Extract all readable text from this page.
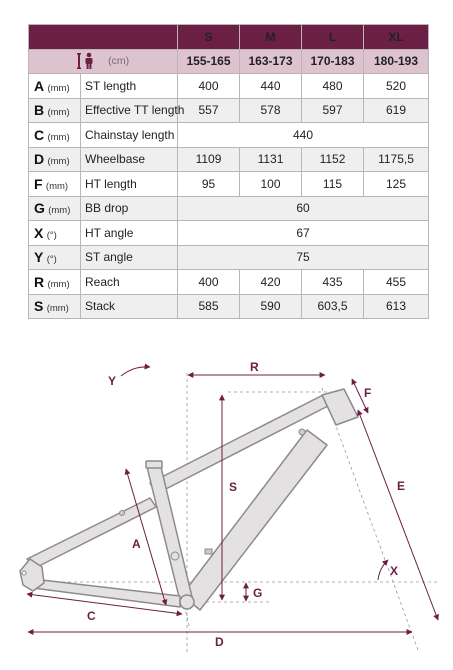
		S	M	L	XL
(cm)		155-165	163-173	170-183	180-193
A (mm)	ST length	400	440	480	520
B (mm)	Effective TT length	557	578	597	619
C (mm)	Chainstay length	440			
D (mm)	Wheelbase	1109	1131	1152	1175,5
F (mm)	HT length	95	100	115	125
G (mm)	BB drop	60			
X (°)	HT angle	67			
Y (°)	ST angle	75			
R (mm)	Reach	400	420	435	455
S (mm)	Stack	585	590	603,5	613
Y
R
F
S
A
E
X
G
C
D
